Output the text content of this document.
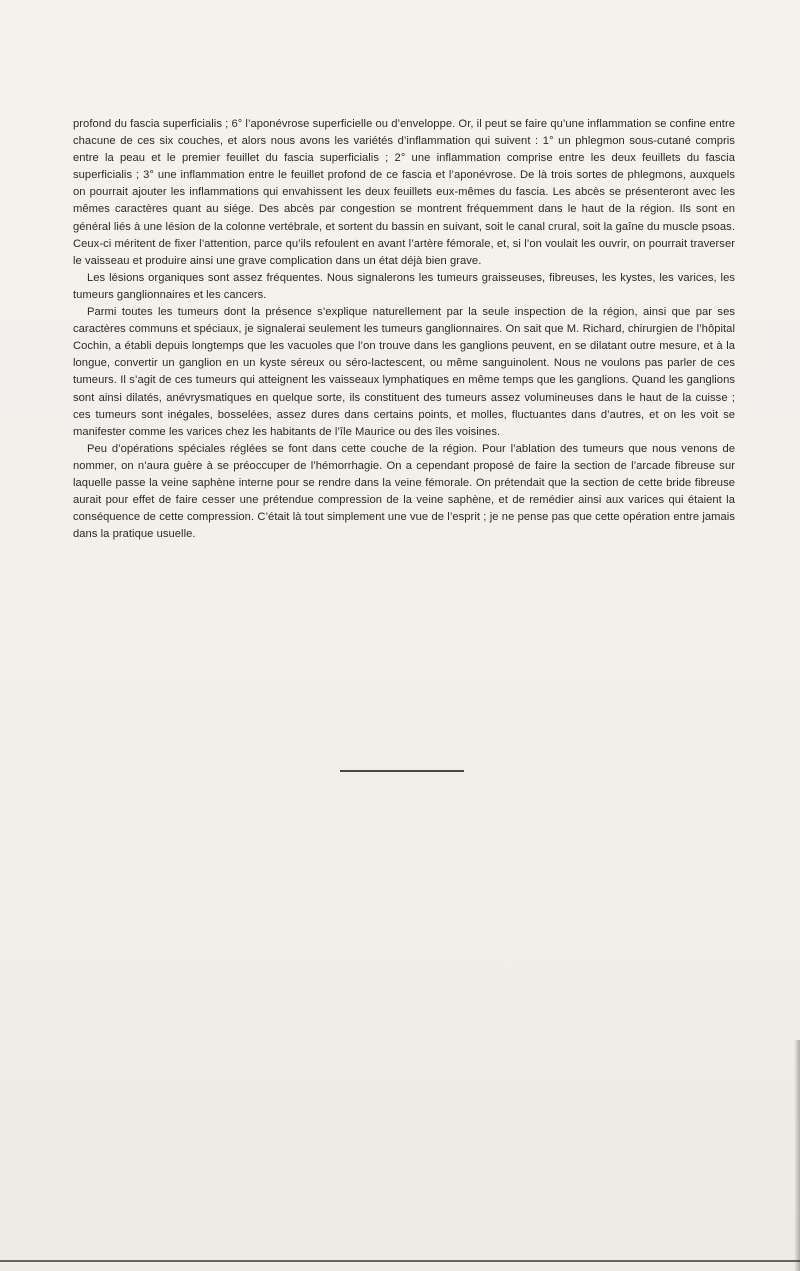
profond du fascia superficialis ; 6° l’aponévrose superficielle ou d’enveloppe. Or, il peut se faire qu’une inflammation se confine entre chacune de ces six couches, et alors nous avons les variétés d’inflammation qui suivent : 1° un phlegmon sous-cutané compris entre la peau et le premier feuillet du fascia superficialis ; 2° une inflammation comprise entre les deux feuillets du fascia superficialis ; 3° une inflammation entre le feuillet profond de ce fascia et l’aponévrose. De là trois sortes de phlegmons, auxquels on pourrait ajouter les inflammations qui envahissent les deux feuillets eux-mêmes du fascia. Les abcès se présenteront avec les mêmes caractères quant au siége. Des abcès par congestion se montrent fréquemment dans le haut de la région. Ils sont en général liés à une lésion de la colonne vertébrale, et sortent du bassin en suivant, soit le canal crural, soit la gaîne du muscle psoas. Ceux-ci méritent de fixer l’attention, parce qu’ils refoulent en avant l’artère fémorale, et, si l’on voulait les ouvrir, on pourrait traverser le vaisseau et produire ainsi une grave complication dans un état déjà bien grave.

Les lésions organiques sont assez fréquentes. Nous signalerons les tumeurs graisseuses, fibreuses, les kystes, les varices, les tumeurs ganglionnaires et les cancers.

Parmi toutes les tumeurs dont la présence s’explique naturellement par la seule inspection de la région, ainsi que par ses caractères communs et spéciaux, je signalerai seulement les tumeurs ganglionnaires. On sait que M. Richard, chirurgien de l’hôpital Cochin, a établi depuis longtemps que les vacuoles que l’on trouve dans les ganglions peuvent, en se dilatant outre mesure, et à la longue, convertir un ganglion en un kyste séreux ou séro-lactescent, ou même sanguinolent. Nous ne voulons pas parler de ces tumeurs. Il s’agit de ces tumeurs qui atteignent les vaisseaux lymphatiques en même temps que les ganglions. Quand les ganglions sont ainsi dilatés, anévrysmatiques en quelque sorte, ils constituent des tumeurs assez volumineuses dans le haut de la cuisse ; ces tumeurs sont inégales, bosselées, assez dures dans certains points, et molles, fluctuantes dans d’autres, et on les voit se manifester comme les varices chez les habitants de l’île Maurice ou des îles voisines.

Peu d’opérations spéciales réglées se font dans cette couche de la région. Pour l’ablation des tumeurs que nous venons de nommer, on n’aura guère à se préoccuper de l’hémorrhagie. On a cependant proposé de faire la section de l’arcade fibreuse sur laquelle passe la veine saphène interne pour se rendre dans la veine fémorale. On prétendait que la section de cette bride fibreuse aurait pour effet de faire cesser une prétendue compression de la veine saphène, et de remédier ainsi aux varices qui étaient la conséquence de cette compression. C’était là tout simplement une vue de l’esprit ; je ne pense pas que cette opération entre jamais dans la pratique usuelle.
